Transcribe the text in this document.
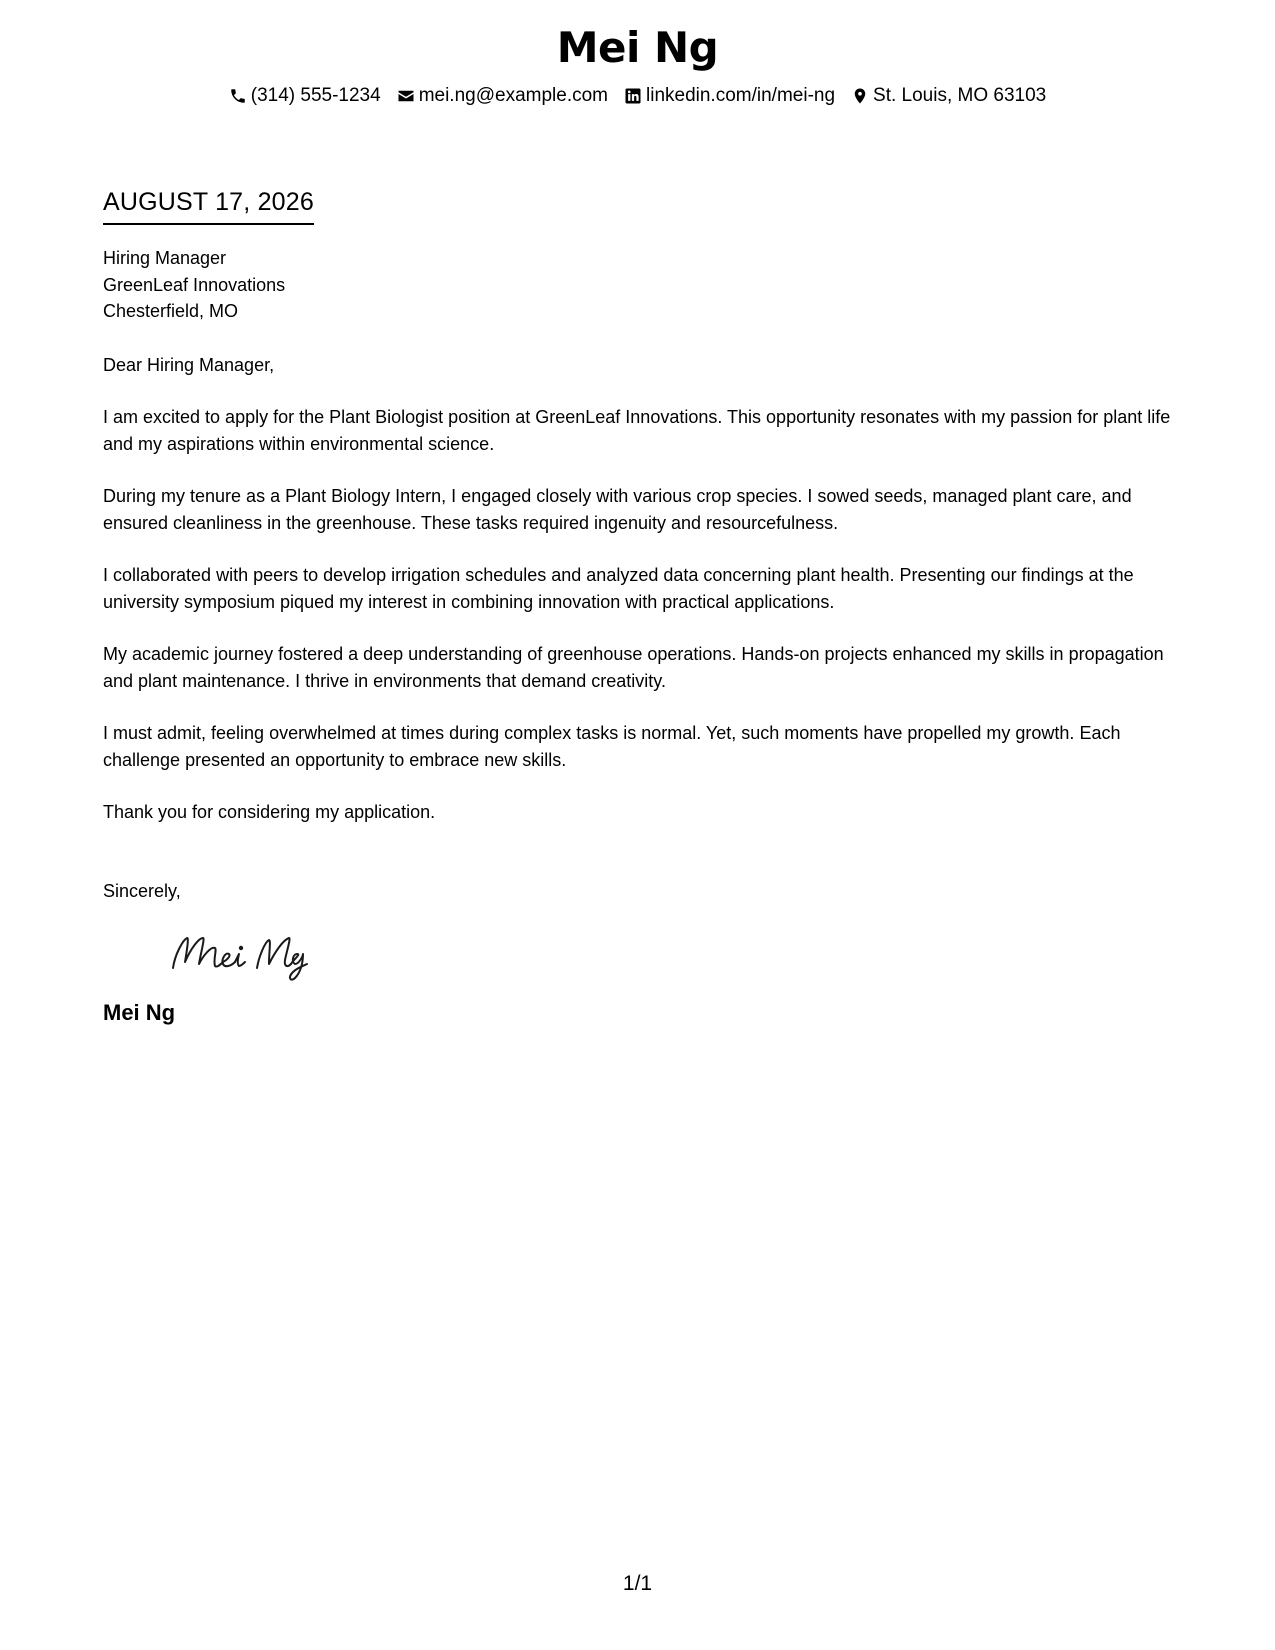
Mei Ng
(314) 555-1234 mei.ng@example.com linkedin.com/in/mei-ng St. Louis, MO 63103
AUGUST 17, 2026
Hiring Manager
GreenLeaf Innovations
Chesterfield, MO
Dear Hiring Manager,
I am excited to apply for the Plant Biologist position at GreenLeaf Innovations. This opportunity resonates with my passion for plant life and my aspirations within environmental science.
During my tenure as a Plant Biology Intern, I engaged closely with various crop species. I sowed seeds, managed plant care, and ensured cleanliness in the greenhouse. These tasks required ingenuity and resourcefulness.
I collaborated with peers to develop irrigation schedules and analyzed data concerning plant health. Presenting our findings at the university symposium piqued my interest in combining innovation with practical applications.
My academic journey fostered a deep understanding of greenhouse operations. Hands-on projects enhanced my skills in propagation and plant maintenance. I thrive in environments that demand creativity.
I must admit, feeling overwhelmed at times during complex tasks is normal. Yet, such moments have propelled my growth. Each challenge presented an opportunity to embrace new skills.
Thank you for considering my application.
Sincerely,
Mei Ng
1/1
